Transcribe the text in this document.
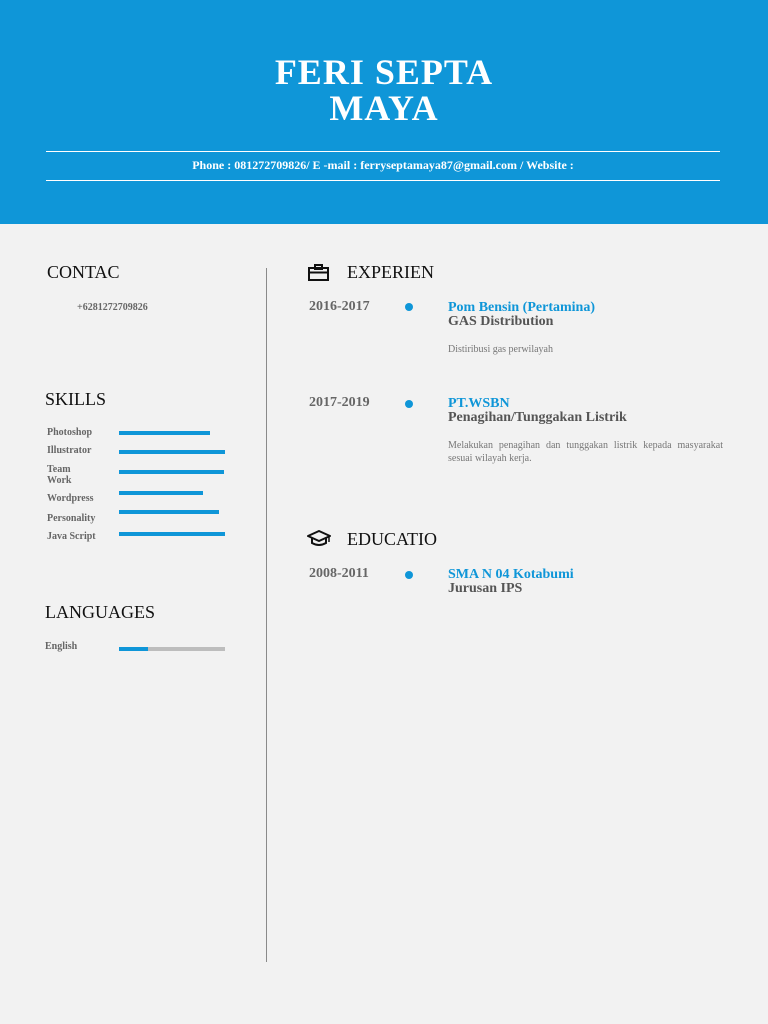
FERI SEPTA
MAYA
Phone : 081272709826/ E -mail : ferryseptamaya87@gmail.com / Website :
CONTAC
+6281272709826
SKILLS
Photoshop
Illustrator
Team Work
Wordpress
Personality
Java Script
LANGUAGES
English
EXPERIEN
2016-2017	Pom Bensin (Pertamina)
GAS Distribution
Distiribusi gas perwilayah
2017-2019	PT.WSBN
Penagihan/Tunggakan Listrik
Melakukan penagihan dan tunggakan listrik kepada masyarakat sesuai wilayah kerja.
EDUCATIO
2008-2011	SMA N 04 Kotabumi
Jurusan IPS
